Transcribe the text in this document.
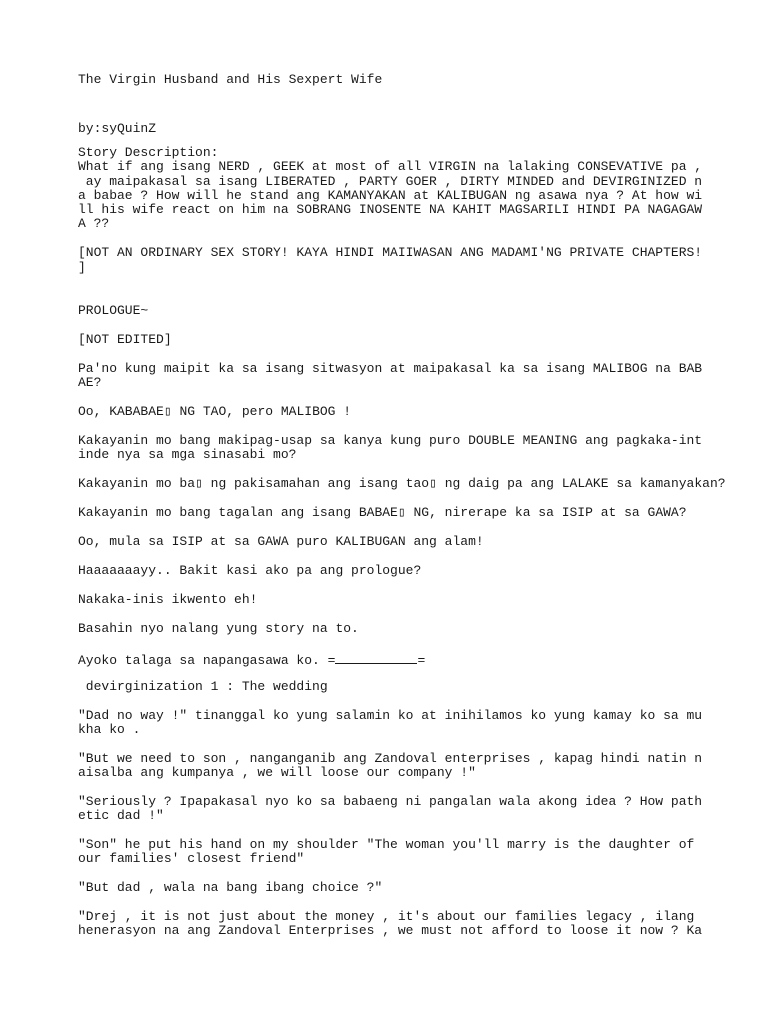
The Virgin Husband and His Sexpert Wife

by:syQuinZ

Story Description:

What if ang isang NERD , GEEK at most of all VIRGIN na lalaking CONSEVATIVE pa ,

ay maipakasal sa isang LIBERATED , PARTY GOER , DIRTY MINDED and DEVIRGINIZED n

a babae ? How will he stand ang KAMANYAKAN at KALIBUGAN ng asawa nya ? At how wi

ll his wife react on him na SOBRANG INOSENTE NA KAHIT MAGSARILI HINDI PA NAGAGAW

A ??

[NOT AN ORDINARY SEX STORY! KAYA HINDI MAIIWASAN ANG MADAMI'NG PRIVATE CHAPTERS!

]

PROLOGUE~

[NOT EDITED]

Pa'no kung maipit ka sa isang sitwasyon at maipakasal ka sa isang MALIBOG na BAB

AE?

Oo, KABABAE▯ NG TAO, pero MALIBOG !

Kakayanin mo bang makipag-usap sa kanya kung puro DOUBLE MEANING ang pagkaka-int

inde nya sa mga sinasabi mo?

Kakayanin mo ba▯ ng pakisamahan ang isang tao▯ ng daig pa ang LALAKE sa kamanyakan?

Kakayanin mo bang tagalan ang isang BABAE▯ NG, nirerape ka sa ISIP at sa GAWA?

Oo, mula sa ISIP at sa GAWA puro KALIBUGAN ang alam!

Haaaaaaayy.. Bakit kasi ako pa ang prologue?

Nakaka-inis ikwento eh!

Basahin nyo nalang yung story na to.

Ayoko talaga sa napangasawa ko. =	=

devirginization 1 : The wedding

"Dad no way !" tinanggal ko yung salamin ko at inihilamos ko yung kamay ko sa mu

kha ko .

"But we need to son , nanganganib ang Zandoval enterprises , kapag hindi natin n

aisalba ang kumpanya , we will loose our company !"

"Seriously ? Ipapakasal nyo ko sa babaeng ni pangalan wala akong idea ? How path

etic dad !"

"Son" he put his hand on my shoulder "The woman you'll marry is the daughter of

our families' closest friend"

"But dad , wala na bang ibang choice ?"

"Drej , it is not just about the money , it's about our families legacy , ilang

henerasyon na ang Zandoval Enterprises , we must not afford to loose it now ? Ka
